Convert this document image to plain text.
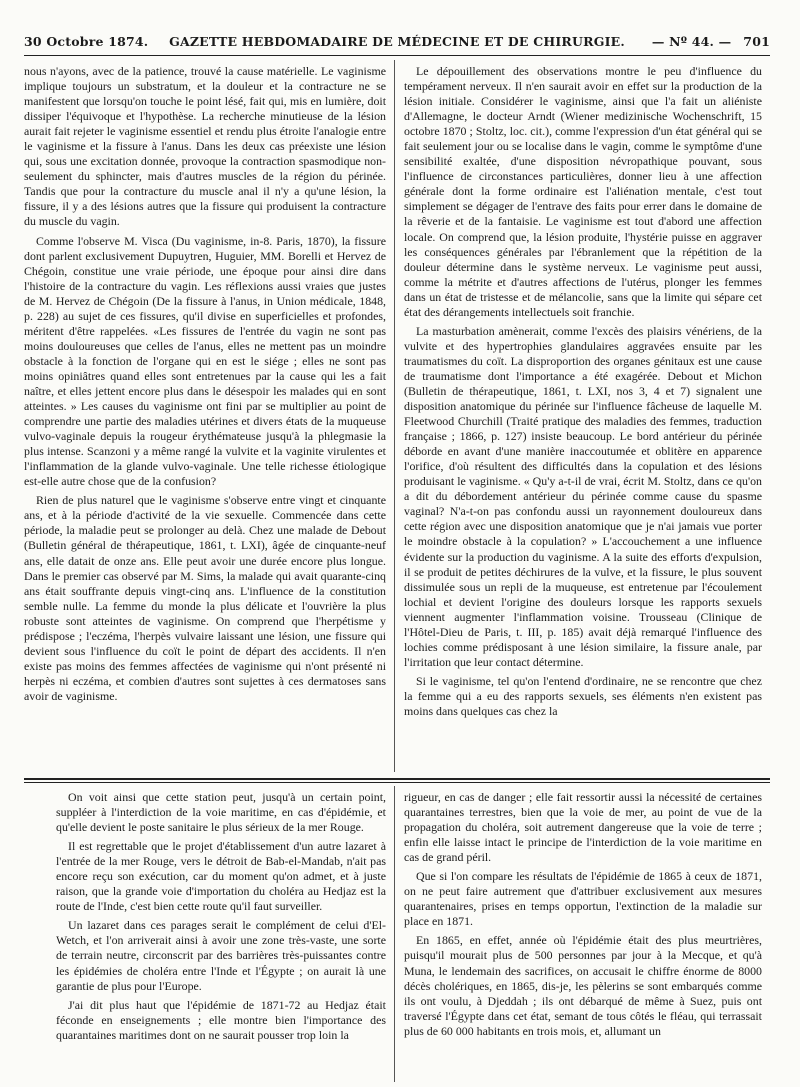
30 Octobre 1874.	GAZETTE HEBDOMADAIRE DE MÉDECINE ET DE CHIRURGIE.	— Nº 44. — 701

nous n'ayons, avec de la patience, trouvé la cause matérielle. Le vaginisme implique toujours un substratum, et la douleur et la contracture ne se manifestent que lorsqu'on touche le point lésé, fait qui, mis en lumière, doit dissiper l'équivoque et l'hypothèse. La recherche minutieuse de la lésion aurait fait rejeter le vaginisme essentiel et rendu plus étroite l'analogie entre le vaginisme et la fissure à l'anus. Dans les deux cas préexiste une lésion qui, sous une excitation donnée, provoque la contraction spasmodique non-seulement du sphincter, mais d'autres muscles de la région du périnée. Tandis que pour la contracture du muscle anal il n'y a qu'une lésion, la fissure, il y a des lésions autres que la fissure qui produisent la contracture du muscle du vagin.

Comme l'observe M. Visca (Du vaginisme, in-8. Paris, 1870), la fissure dont parlent exclusivement Dupuytren, Huguier, MM. Borelli et Hervez de Chégoin, constitue une vraie période, une époque pour ainsi dire dans l'histoire de la contracture du vagin. Les réflexions aussi vraies que justes de M. Hervez de Chégoin (De la fissure à l'anus, in Union médicale, 1848, p. 228) au sujet de ces fissures, qu'il divise en superficielles et profondes, méritent d'être rappelées. «Les fissures de l'entrée du vagin ne sont pas moins douloureuses que celles de l'anus, elles ne mettent pas un moindre obstacle à la fonction de l'organe qui en est le siége ; elles ne sont pas moins opiniâtres quand elles sont entretenues par la cause qui les a fait naître, et elles jettent encore plus dans le désespoir les malades qui en sont atteintes. » Les causes du vaginisme ont fini par se multiplier au point de comprendre une partie des maladies utérines et divers états de la muqueuse vulvo-vaginale depuis la rougeur érythémateuse jusqu'à la phlegmasie la plus intense. Scanzoni y a même rangé la vulvite et la vaginite virulentes et l'inflammation de la glande vulvo-vaginale. Une telle richesse étiologique est-elle autre chose que de la confusion?

Rien de plus naturel que le vaginisme s'observe entre vingt et cinquante ans, et à la période d'activité de la vie sexuelle. Commencée dans cette période, la maladie peut se prolonger au delà. Chez une malade de Debout (Bulletin général de thérapeutique, 1861, t. LXI), âgée de cinquante-neuf ans, elle datait de onze ans. Elle peut avoir une durée encore plus longue. Dans le premier cas observé par M. Sims, la malade qui avait quarante-cinq ans était souffrante depuis vingt-cinq ans. L'influence de la constitution semble nulle. La femme du monde la plus délicate et l'ouvrière la plus robuste sont atteintes de vaginisme. On comprend que l'herpétisme y prédispose ; l'eczéma, l'herpès vulvaire laissant une lésion, une fissure qui devient sous l'influence du coït le point de départ des accidents. Il n'en existe pas moins des femmes affectées de vaginisme qui n'ont présenté ni herpès ni eczéma, et combien d'autres sont sujettes à ces dermatoses sans avoir de vaginisme.

Le dépouillement des observations montre le peu d'influence du tempérament nerveux. Il n'en saurait avoir en effet sur la production de la lésion initiale. Considérer le vaginisme, ainsi que l'a fait un aliéniste d'Allemagne, le docteur Arndt (Wiener medizinische Wochenschrift, 15 octobre 1870 ; Stoltz, loc. cit.), comme l'expression d'un état général qui se fait seulement jour ou se localise dans le vagin, comme le symptôme d'une sensibilité exaltée, d'une disposition névropathique pouvant, sous l'influence de circonstances particulières, donner lieu à une affection générale dont la forme ordinaire est l'aliénation mentale, c'est tout simplement se dégager de l'entrave des faits pour errer dans le domaine de la rêverie et de la fantaisie. Le vaginisme est tout d'abord une affection locale. On comprend que, la lésion produite, l'hystérie puisse en aggraver les conséquences générales par l'ébranlement que la répétition de la douleur détermine dans le système nerveux. Le vaginisme peut aussi, comme la métrite et d'autres affections de l'utérus, plonger les femmes dans un état de tristesse et de mélancolie, sans que la limite qui sépare cet état des dérangements intellectuels soit franchie.

La masturbation amènerait, comme l'excès des plaisirs vénériens, de la vulvite et des hypertrophies glandulaires aggravées ensuite par les traumatismes du coït. La disproportion des organes génitaux est une cause de traumatisme dont l'importance a été exagérée. Debout et Michon (Bulletin de thérapeutique, 1861, t. LXI, nos 3, 4 et 7) signalent une disposition anatomique du périnée sur l'influence fâcheuse de laquelle M. Fleetwood Churchill (Traité pratique des maladies des femmes, traduction française ; 1866, p. 127) insiste beaucoup. Le bord antérieur du périnée déborde en avant d'une manière inaccoutumée et oblitère en apparence l'orifice, d'où résultent des difficultés dans la copulation et des lésions produisant le vaginisme. « Qu'y a-t-il de vrai, écrit M. Stoltz, dans ce qu'on a dit du débordement antérieur du périnée comme cause du spasme vaginal? N'a-t-on pas confondu aussi un rayonnement douloureux dans cette région avec une disposition anatomique que je n'ai jamais vue porter le moindre obstacle à la copulation? » L'accouchement a une influence évidente sur la production du vaginisme. A la suite des efforts d'expulsion, il se produit de petites déchirures de la vulve, et la fissure, le plus souvent dissimulée sous un repli de la muqueuse, est entretenue par l'écoulement lochial et devient l'origine des douleurs lorsque les rapports sexuels viennent augmenter l'inflammation voisine. Trousseau (Clinique de l'Hôtel-Dieu de Paris, t. III, p. 185) avait déjà remarqué l'influence des lochies comme prédisposant à une lésion similaire, la fissure anale, par l'irritation que leur contact détermine.

Si le vaginisme, tel qu'on l'entend d'ordinaire, ne se rencontre que chez la femme qui a eu des rapports sexuels, ses éléments n'en existent pas moins dans quelques cas chez la

On voit ainsi que cette station peut, jusqu'à un certain point, suppléer à l'interdiction de la voie maritime, en cas d'épidémie, et qu'elle devient le poste sanitaire le plus sérieux de la mer Rouge.

Il est regrettable que le projet d'établissement d'un autre lazaret à l'entrée de la mer Rouge, vers le détroit de Bab-el-Mandab, n'ait pas encore reçu son exécution, car du moment qu'on admet, et à juste raison, que la grande voie d'importation du choléra au Hedjaz est la route de l'Inde, c'est bien cette route qu'il faut surveiller.

Un lazaret dans ces parages serait le complément de celui d'El-Wetch, et l'on arriverait ainsi à avoir une zone très-vaste, une sorte de terrain neutre, circonscrit par des barrières très-puissantes contre les épidémies de choléra entre l'Inde et l'Égypte ; on aurait là une garantie de plus pour l'Europe.

J'ai dit plus haut que l'épidémie de 1871-72 au Hedjaz était féconde en enseignements ; elle montre bien l'importance des quarantaines maritimes dont on ne saurait pousser trop loin la

rigueur, en cas de danger ; elle fait ressortir aussi la nécessité de certaines quarantaines terrestres, bien que la voie de mer, au point de vue de la propagation du choléra, soit autrement dangereuse que la voie de terre ; enfin elle laisse intact le principe de l'interdiction de la voie maritime en cas de grand péril.

Que si l'on compare les résultats de l'épidémie de 1865 à ceux de 1871, on ne peut faire autrement que d'attribuer exclusivement aux mesures quarantenaires, prises en temps opportun, l'extinction de la maladie sur place en 1871.

En 1865, en effet, année où l'épidémie était des plus meurtrières, puisqu'il mourait plus de 500 personnes par jour à la Mecque, et qu'à Muna, le lendemain des sacrifices, on accusait le chiffre énorme de 8000 décès cholériques, en 1865, dis-je, les pèlerins se sont embarqués comme ils ont voulu, à Djeddah ; ils ont débarqué de même à Suez, puis ont traversé l'Égypte dans cet état, semant de tous côtés le fléau, qui terrassait plus de 60 000 habitants en trois mois, et, allumant un
